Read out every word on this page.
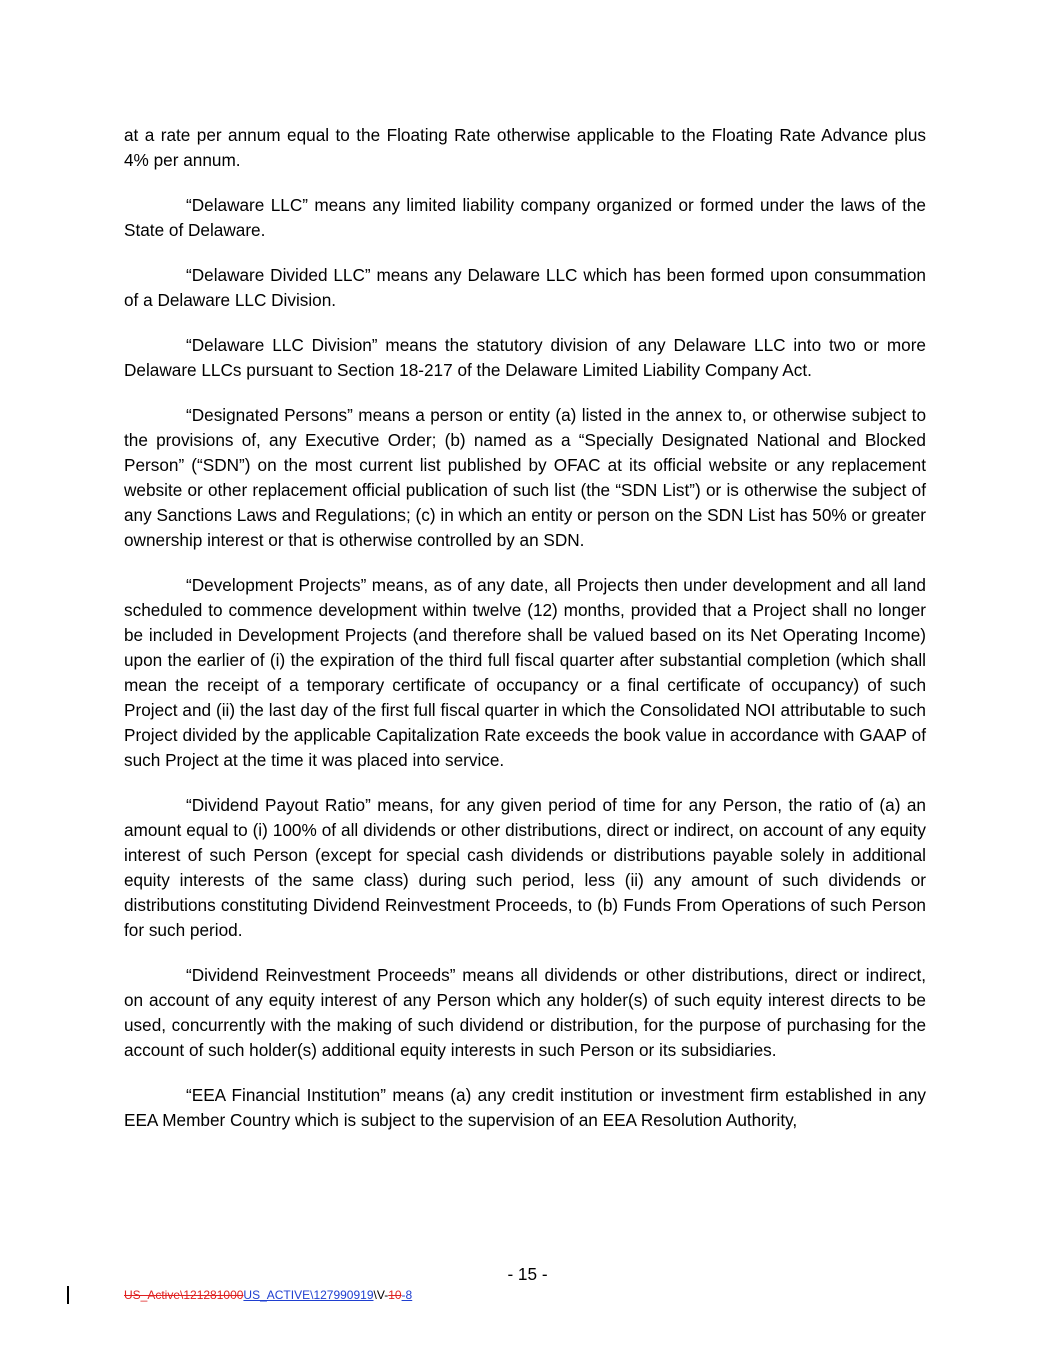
at a rate per annum equal to the Floating Rate otherwise applicable to the Floating Rate Advance plus 4% per annum.

“Delaware LLC” means any limited liability company organized or formed under the laws of the State of Delaware.

“Delaware Divided LLC” means any Delaware LLC which has been formed upon consummation of a Delaware LLC Division.

“Delaware LLC Division” means the statutory division of any Delaware LLC into two or more Delaware LLCs pursuant to Section 18-217 of the Delaware Limited Liability Company Act.

“Designated Persons” means a person or entity (a) listed in the annex to, or otherwise subject to the provisions of, any Executive Order; (b) named as a “Specially Designated National and Blocked Person” (“SDN”) on the most current list published by OFAC at its official website or any replacement website or other replacement official publication of such list (the “SDN List”) or is otherwise the subject of any Sanctions Laws and Regulations; (c) in which an entity or person on the SDN List has 50% or greater ownership interest or that is otherwise controlled by an SDN.

“Development Projects” means, as of any date, all Projects then under development and all land scheduled to commence development within twelve (12) months, provided that a Project shall no longer be included in Development Projects (and therefore shall be valued based on its Net Operating Income) upon the earlier of (i) the expiration of the third full fiscal quarter after substantial completion (which shall mean the receipt of a temporary certificate of occupancy or a final certificate of occupancy) of such Project and (ii) the last day of the first full fiscal quarter in which the Consolidated NOI attributable to such Project divided by the applicable Capitalization Rate exceeds the book value in accordance with GAAP of such Project at the time it was placed into service.

“Dividend Payout Ratio” means, for any given period of time for any Person, the ratio of (a) an amount equal to (i) 100% of all dividends or other distributions, direct or indirect, on account of any equity interest of such Person (except for special cash dividends or distributions payable solely in additional equity interests of the same class) during such period, less (ii) any amount of such dividends or distributions constituting Dividend Reinvestment Proceeds, to (b) Funds From Operations of such Person for such period.

“Dividend Reinvestment Proceeds” means all dividends or other distributions, direct or indirect, on account of any equity interest of any Person which any holder(s) of such equity interest directs to be used, concurrently with the making of such dividend or distribution, for the purpose of purchasing for the account of such holder(s) additional equity interests in such Person or its subsidiaries.

“EEA Financial Institution” means (a) any credit institution or investment firm established in any EEA Member Country which is subject to the supervision of an EEA Resolution Authority,

- 15 -
US_Active\121281000US_ACTIVE\127990919\V-10-8
